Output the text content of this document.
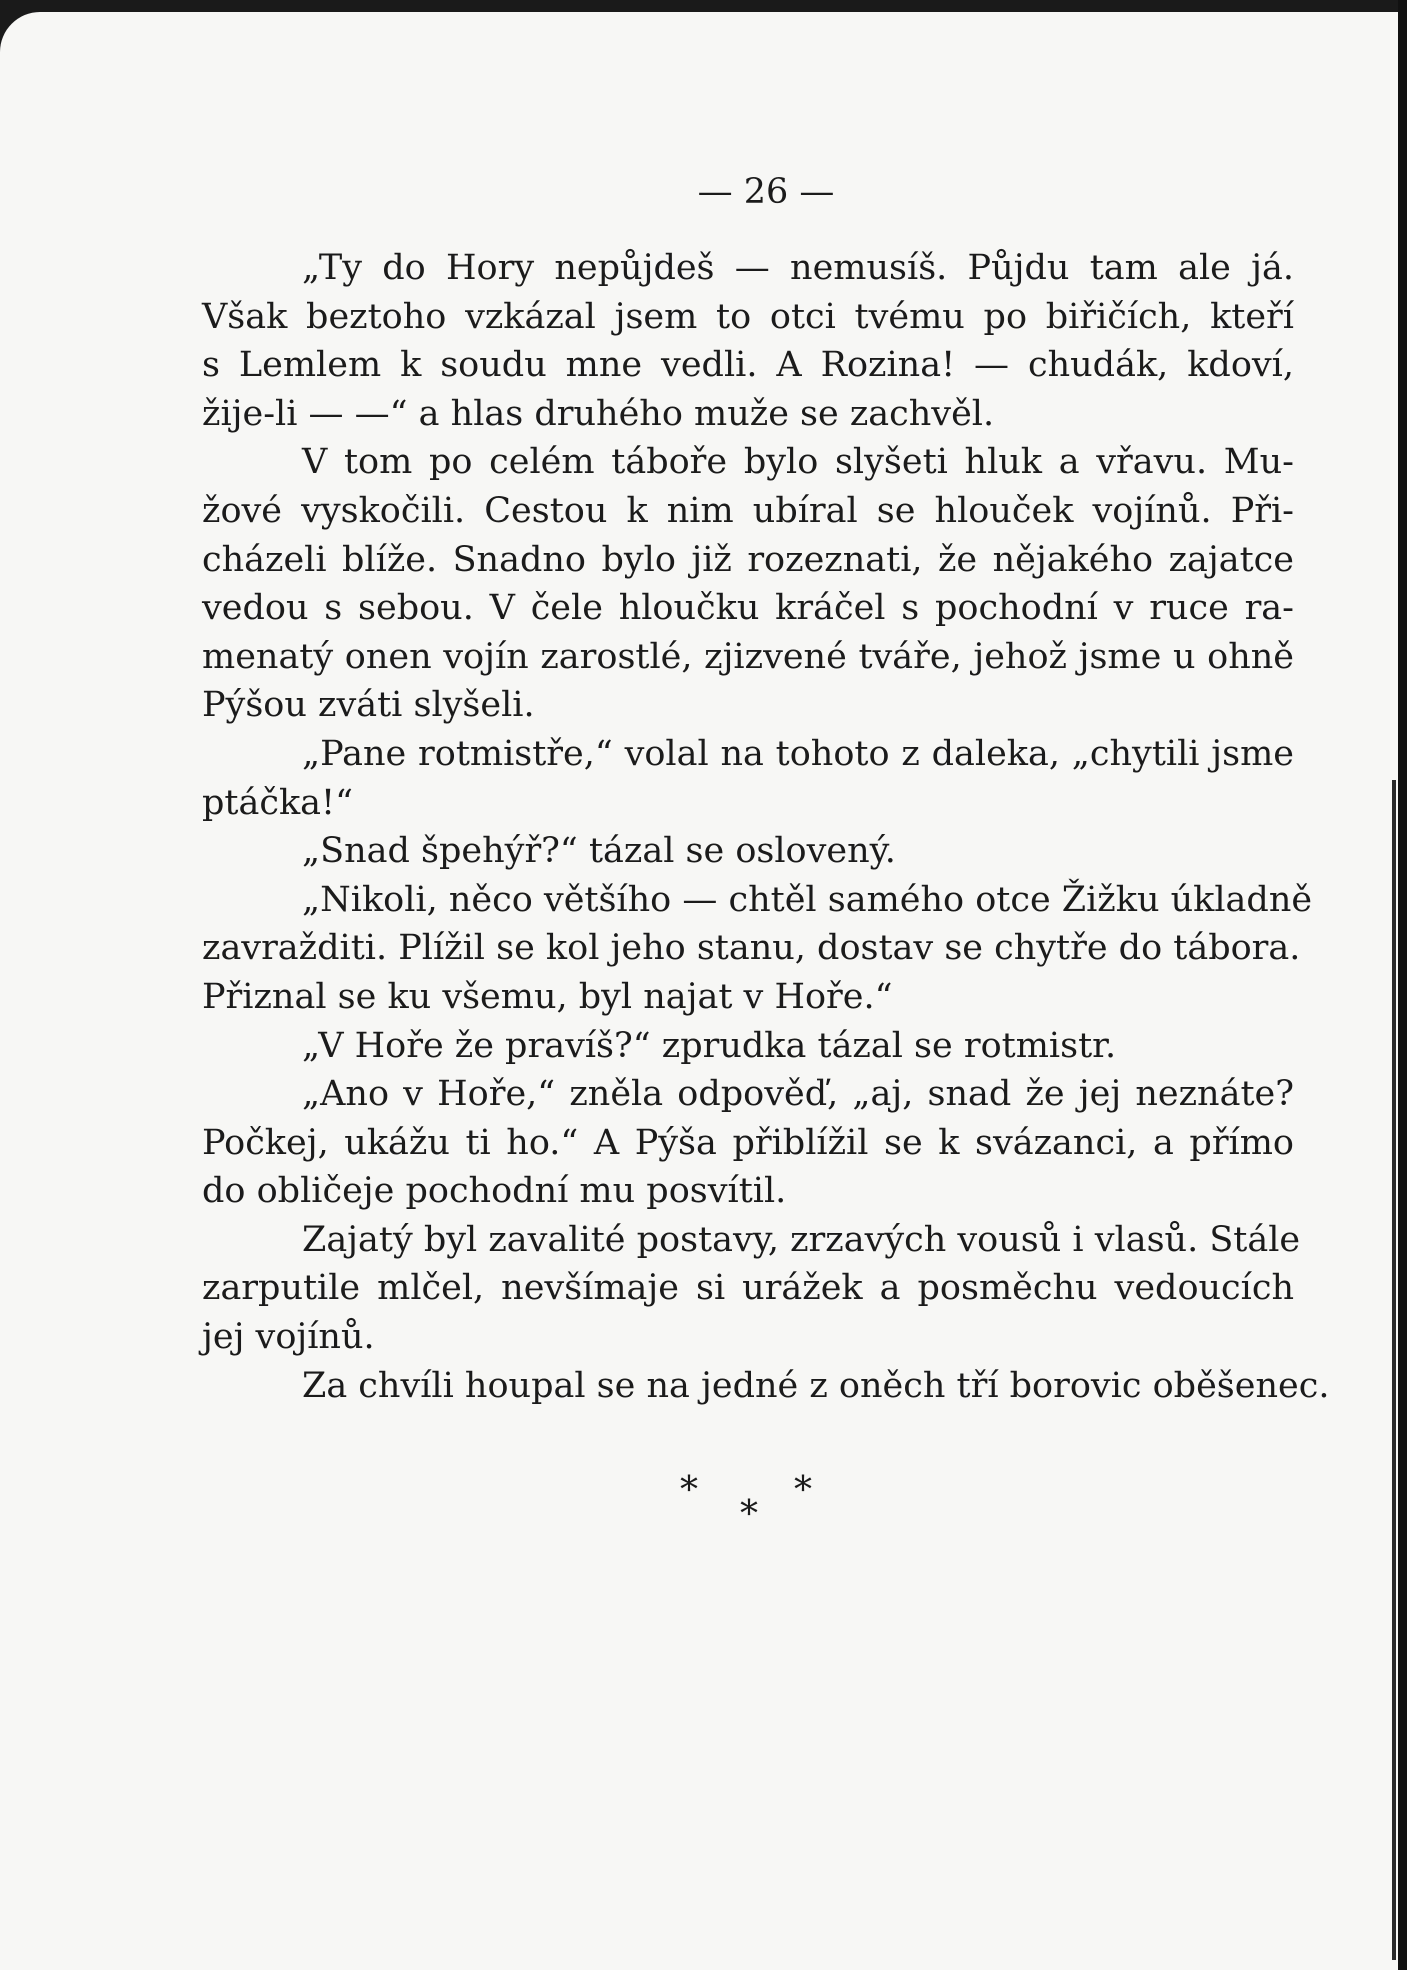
— 26 —
„Ty do Hory nepůjdeš — nemusíš. Půjdu tam ale já.
Však beztoho vzkázal jsem to otci tvému po biřičích, kteří
s Lemlem k soudu mne vedli. A Rozina! — chudák, kdoví,
žije-li — —“ a hlas druhého muže se zachvěl.
V tom po celém táboře bylo slyšeti hluk a vřavu. Mu-
žové vyskočili. Cestou k nim ubíral se hlouček vojínů. Při-
cházeli blíže. Snadno bylo již rozeznati, že nějakého zajatce
vedou s sebou. V čele hloučku kráčel s pochodní v ruce ra-
menatý onen vojín zarostlé, zjizvené tváře, jehož jsme u ohně
Pýšou zváti slyšeli.
„Pane rotmistře,“ volal na tohoto z daleka, „chytili jsme
ptáčka!“
„Snad špehýř?“ tázal se oslovený.
„Nikoli, něco většího — chtěl samého otce Žižku úkladně
zavražditi. Plížil se kol jeho stanu, dostav se chytře do tábora.
Přiznal se ku všemu, byl najat v Hoře.“
„V Hoře že pravíš?“ zprudka tázal se rotmistr.
„Ano v Hoře,“ zněla odpověď, „aj, snad že jej neznáte?
Počkej, ukážu ti ho.“ A Pýša přiblížil se k svázanci, a přímo
do obličeje pochodní mu posvítil.
Zajatý byl zavalité postavy, zrzavých vousů i vlasů. Stále
zarputile mlčel, nevšímaje si urážek a posměchu vedoucích
jej vojínů.
Za chvíli houpal se na jedné z oněch tří borovic oběšenec.
*
*
*
